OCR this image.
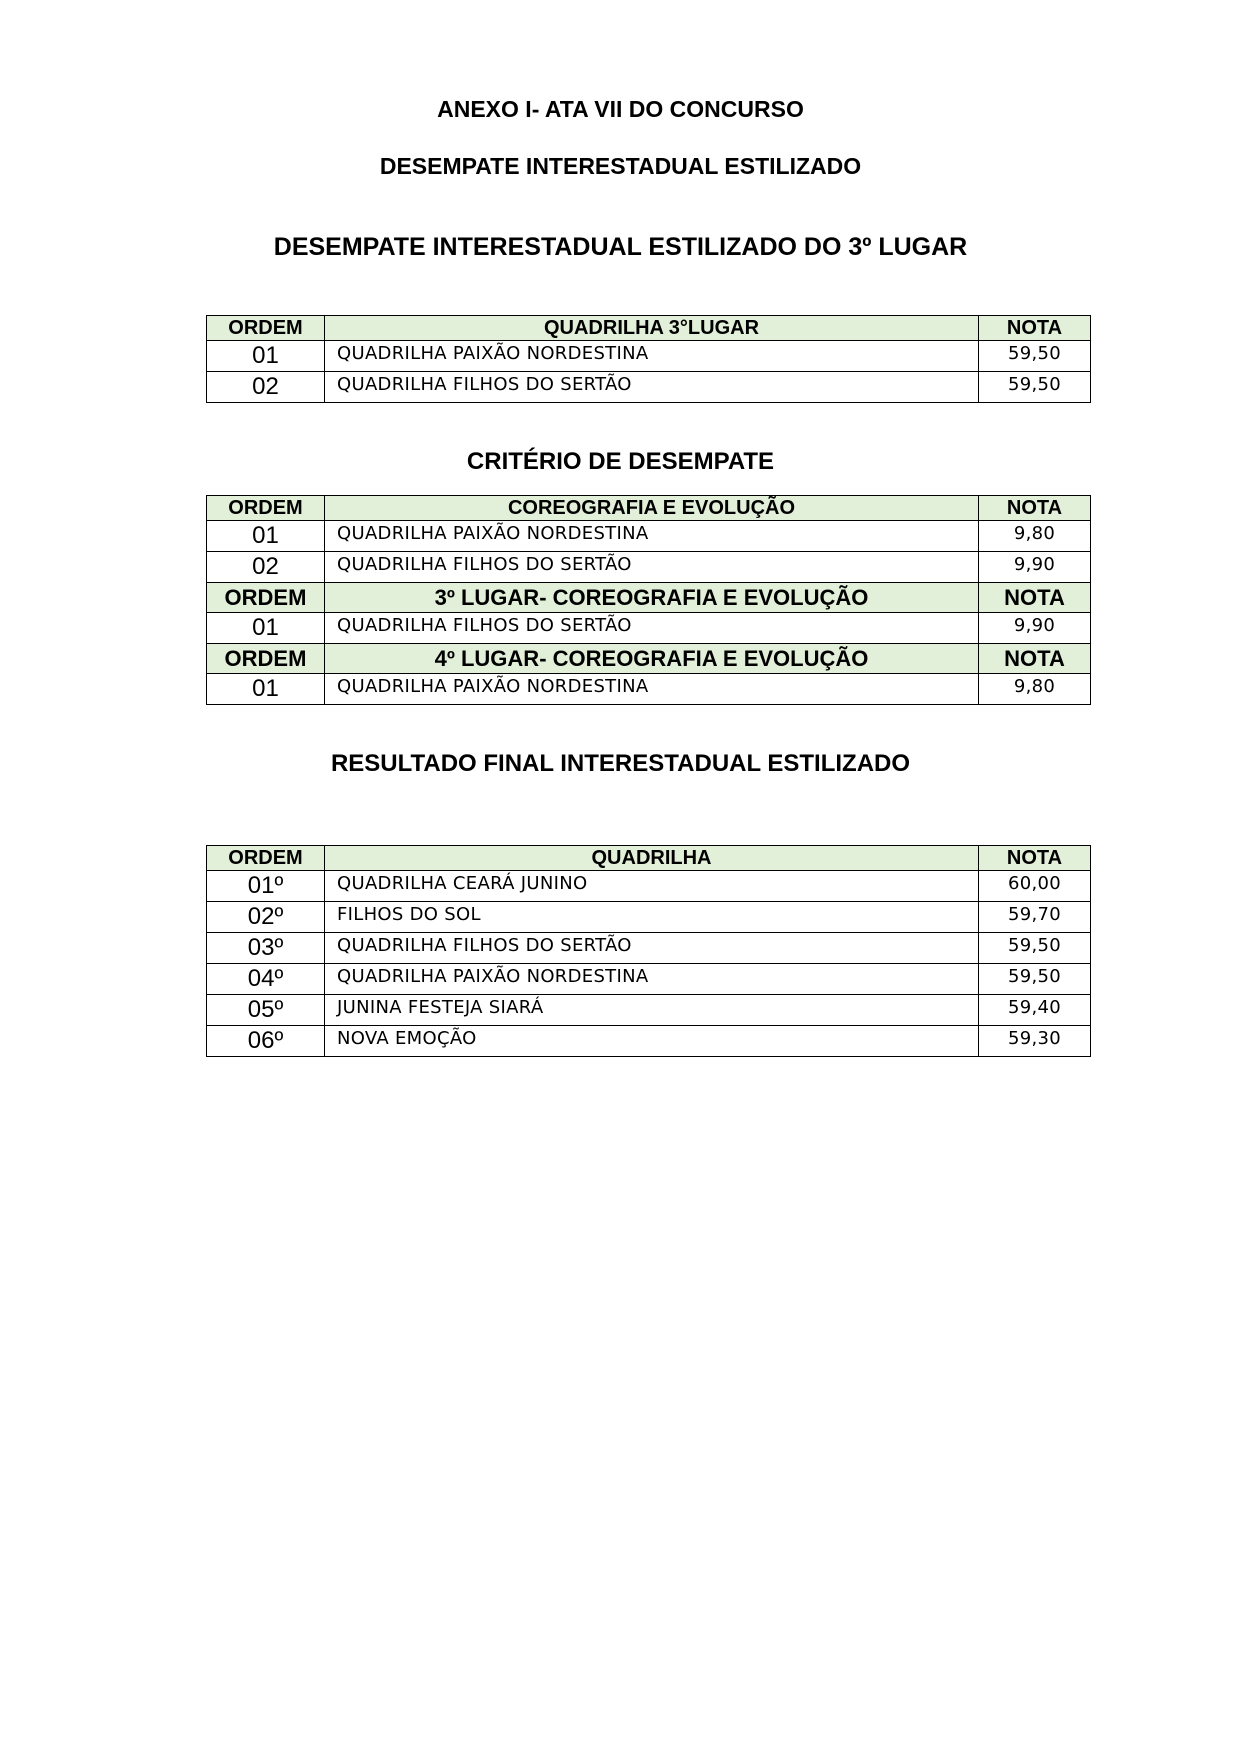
ANEXO I- ATA VII DO CONCURSO
DESEMPATE INTERESTADUAL ESTILIZADO
DESEMPATE INTERESTADUAL ESTILIZADO DO 3º LUGAR
ORDEM	QUADRILHA 3°LUGAR	NOTA
01	QUADRILHA PAIXÃO NORDESTINA	59,50
02	QUADRILHA FILHOS DO SERTÃO	59,50
CRITÉRIO DE DESEMPATE
ORDEM	COREOGRAFIA E EVOLUÇÃO	NOTA
01	QUADRILHA PAIXÃO NORDESTINA	9,80
02	QUADRILHA FILHOS DO SERTÃO	9,90
ORDEM	3º LUGAR- COREOGRAFIA E EVOLUÇÃO	NOTA
01	QUADRILHA FILHOS DO SERTÃO	9,90
ORDEM	4º LUGAR- COREOGRAFIA E EVOLUÇÃO	NOTA
01	QUADRILHA PAIXÃO NORDESTINA	9,80
RESULTADO FINAL INTERESTADUAL ESTILIZADO
ORDEM	QUADRILHA	NOTA
01º	QUADRILHA CEARÁ JUNINO	60,00
02º	FILHOS DO SOL	59,70
03º	QUADRILHA FILHOS DO SERTÃO	59,50
04º	QUADRILHA PAIXÃO NORDESTINA	59,50
05º	JUNINA FESTEJA SIARÁ	59,40
06º	NOVA EMOÇÃO	59,30
